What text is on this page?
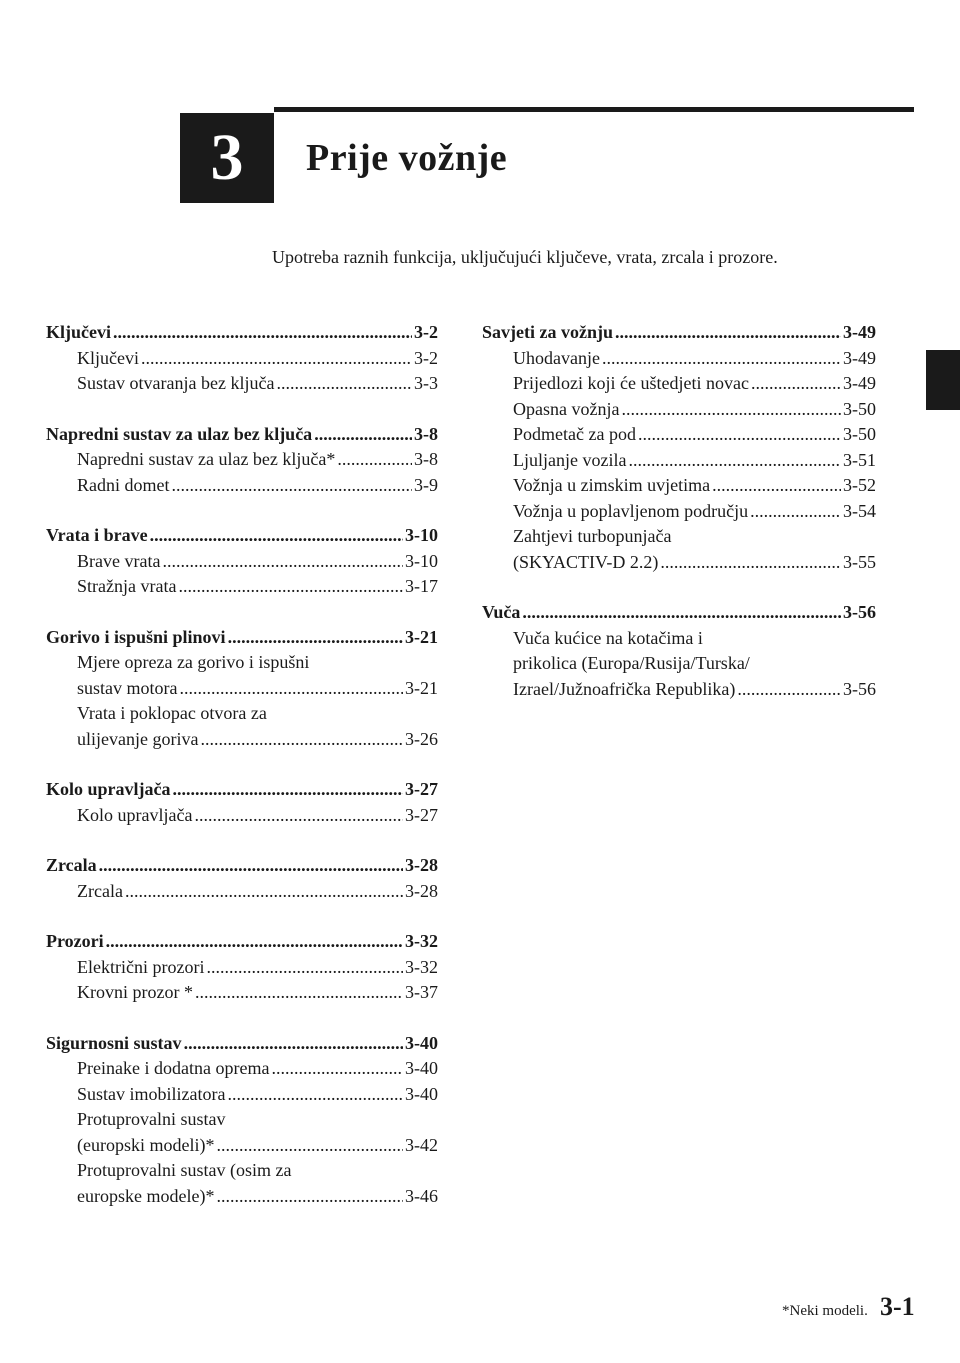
3	Prije vožnje
Upotreba raznih funkcija, uključujući ključeve, vrata, zrcala i prozore.
Ključevi .....	3-2
Ključevi .....	3-2
Sustav otvaranja bez ključa .....	3-3
Napredni sustav za ulaz bez ključa .....	3-8
Napredni sustav za ulaz bez ključa* .....	3-8
Radni domet .....	3-9
Vrata i brave .....	3-10
Brave vrata .....	3-10
Stražnja vrata .....	3-17
Gorivo i ispušni plinovi .....	3-21
Mjere opreza za gorivo i ispušni
sustav motora .....	3-21
Vrata i poklopac otvora za
ulijevanje goriva .....	3-26
Kolo upravljača .....	3-27
Kolo upravljača .....	3-27
Zrcala .....	3-28
Zrcala .....	3-28
Prozori .....	3-32
Električni prozori .....	3-32
Krovni prozor * .....	3-37
Sigurnosni sustav .....	3-40
Preinake i dodatna oprema .....	3-40
Sustav imobilizatora .....	3-40
Protuprovalni sustav
(europski modeli)* .....	3-42
Protuprovalni sustav (osim za
europske modele)* .....	3-46
Savjeti za vožnju .....	3-49
Uhodavanje .....	3-49
Prijedlozi koji će uštedjeti novac .....	3-49
Opasna vožnja .....	3-50
Podmetač za pod .....	3-50
Ljuljanje vozila .....	3-51
Vožnja u zimskim uvjetima .....	3-52
Vožnja u poplavljenom području .....	3-54
Zahtjevi turbopunjača
(SKYACTIV-D 2.2) .....	3-55
Vuča .....	3-56
Vuča kućice na kotačima i
prikolica (Europa/Rusija/Turska/
Izrael/Južnoafrička Republika) .....	3-56
*Neki modeli. 3-1
